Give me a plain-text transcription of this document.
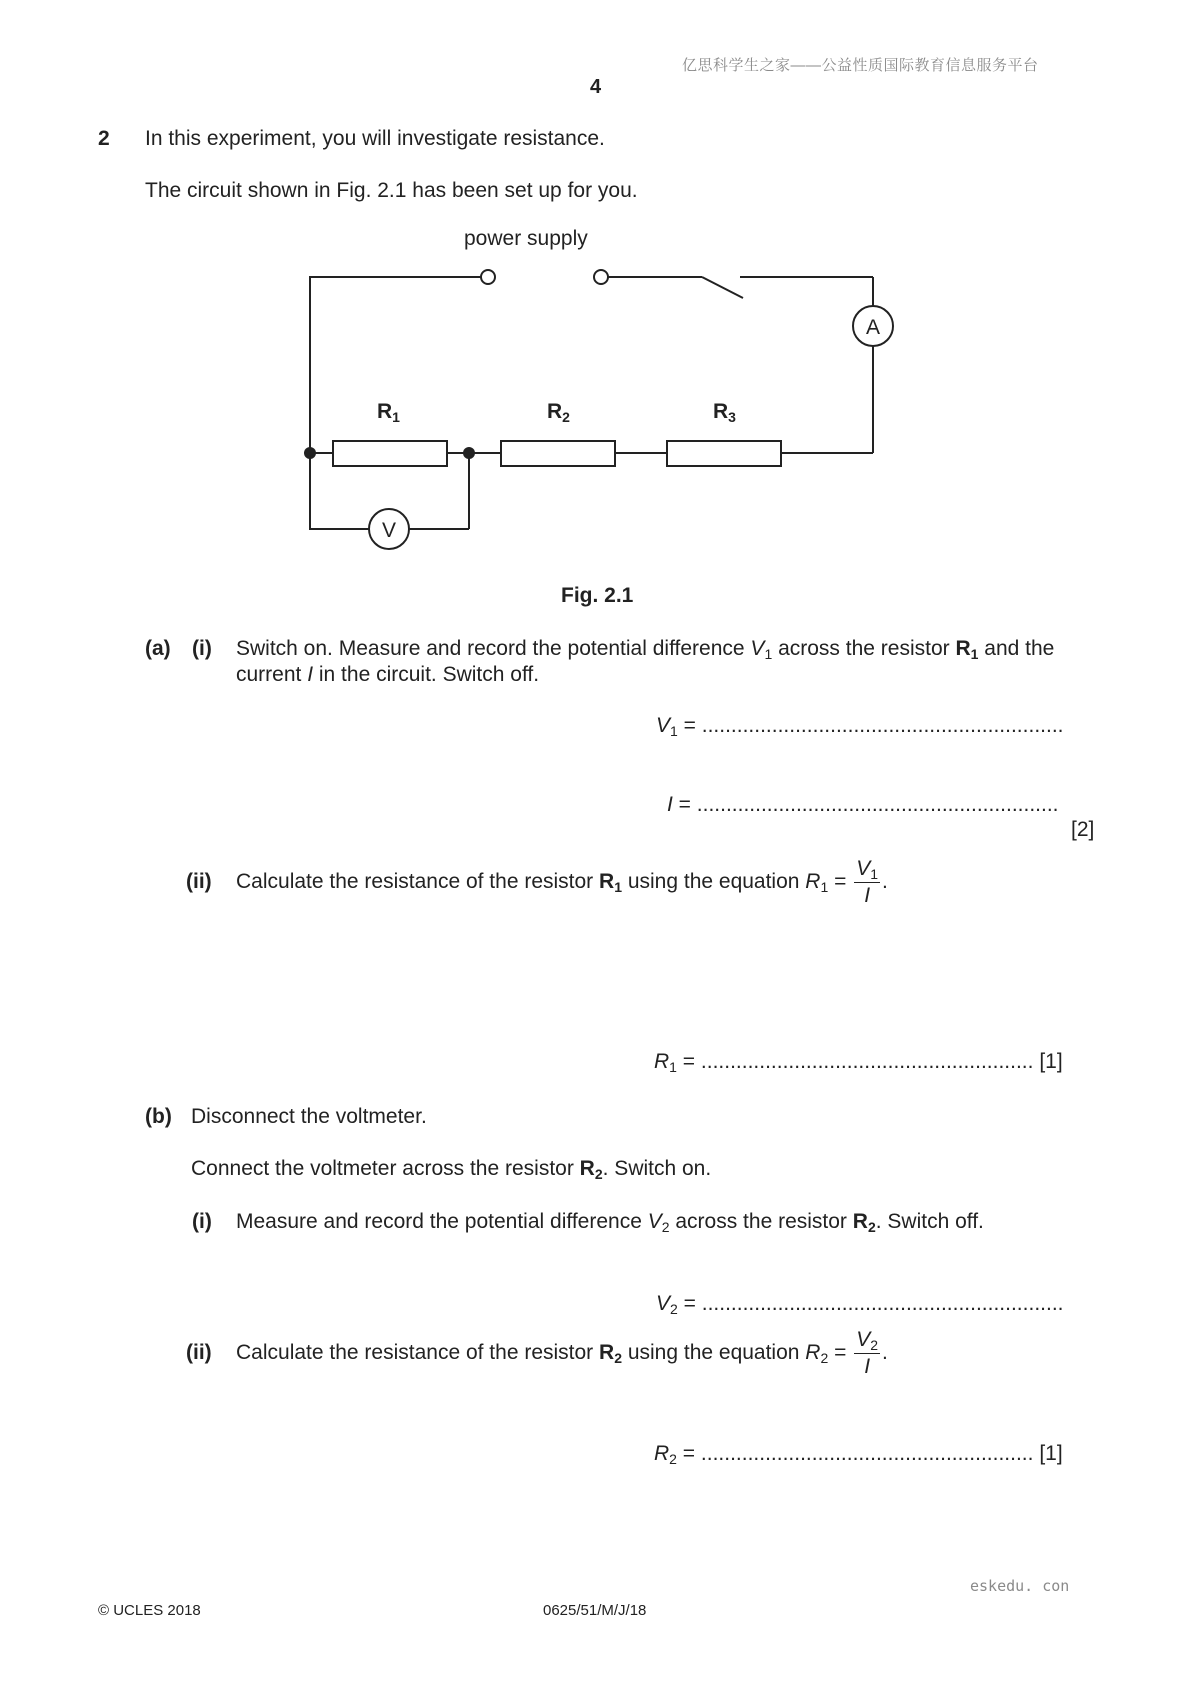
亿思科学生之家——公益性质国际教育信息服务平台
4
2 In this experiment, you will investigate resistance.
The circuit shown in Fig. 2.1 has been set up for you.
power supply
A
V
$R_1$	$R_2$	$R_3$
Fig. 2.1
(a) (i) Switch on. Measure and record the potential difference $V_1$ across the resistor $R_1$ and the
current I in the circuit. Switch off.
$V_1$ = ..............................................................
I = ..............................................................
[2]
(ii) Calculate the resistance of the resistor $R_1$ using the equation $R_1 = \frac{V_1}{I}$ .
$R_1$ = ......................................................... [1]
(b) Disconnect the voltmeter.
Connect the voltmeter across the resistor $R_2$. Switch on.
(i) Measure and record the potential difference $V_2$ across the resistor $R_2$. Switch off.
$V_2$ = ..............................................................
(ii) Calculate the resistance of the resistor $R_2$ using the equation $R_2 = \frac{V_2}{I}$ .
$R_2$ = ......................................................... [1]
eskedu. con
© UCLES 2018	0625/51/M/J/18
